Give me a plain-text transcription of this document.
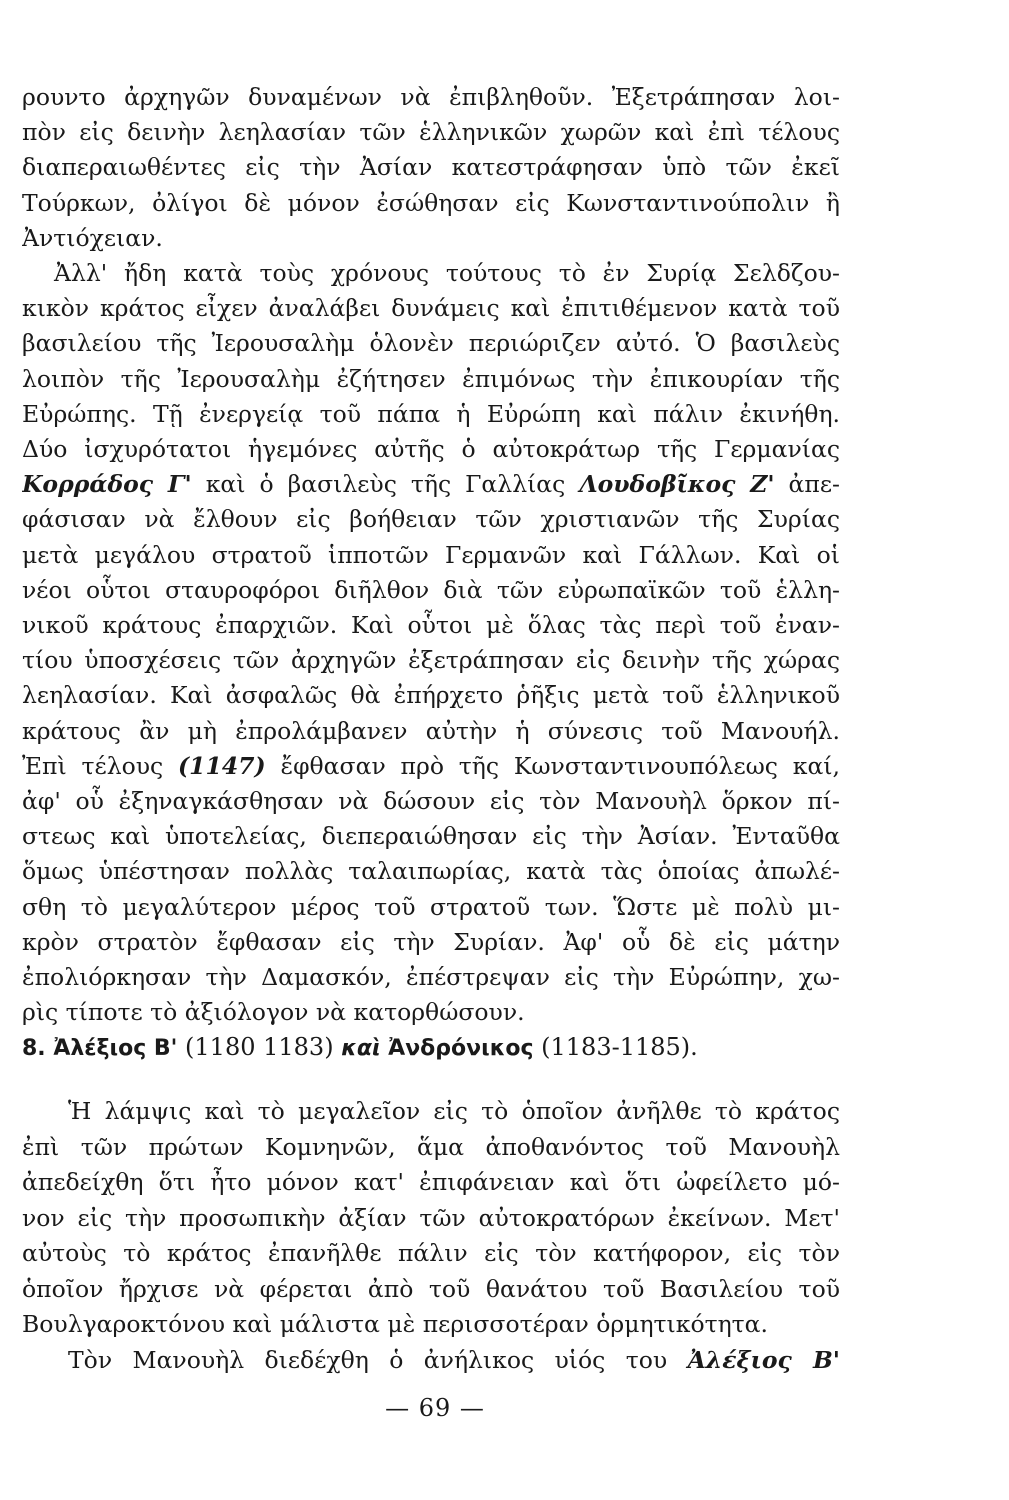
ρουντο ἀρχηγῶν δυναμένων νὰ ἐπιβληθοῦν. Ἐξετράπησαν λοι-
πὸν εἰς δεινὴν λεηλασίαν τῶν ἑλληνικῶν χωρῶν καὶ ἐπὶ τέλους
διαπεραιωθέντες εἰς τὴν Ἀσίαν κατεστράφησαν ὑπὸ τῶν ἐκεῖ
Τούρκων, ὀλίγοι δὲ μόνον ἐσώθησαν εἰς Κωνσταντινούπολιν ἢ
Ἀντιόχειαν.
Ἀλλ' ἤδη κατὰ τοὺς χρόνους τούτους τὸ ἐν Συρίᾳ Σελδζου-
κικὸν κράτος εἶχεν ἀναλάβει δυνάμεις καὶ ἐπιτιθέμενον κατὰ τοῦ
βασιλείου τῆς Ἰερουσαλὴμ ὁλονὲν περιώριζεν αὐτό. Ὁ βασιλεὺς
λοιπὸν τῆς Ἰερουσαλὴμ ἐζήτησεν ἐπιμόνως τὴν ἐπικουρίαν τῆς
Εὐρώπης. Τῇ ἐνεργείᾳ τοῦ πάπα ἡ Εὐρώπη καὶ πάλιν ἐκινήθη.
Δύο ἰσχυρότατοι ἡγεμόνες αὐτῆς ὁ αὐτοκράτωρ τῆς Γερμανίας
Κορράδος Γ' καὶ ὁ βασιλεὺς τῆς Γαλλίας Λουδοβῖκος Ζ' ἀπε-
φάσισαν νὰ ἔλθουν εἰς βοήθειαν τῶν χριστιανῶν τῆς Συρίας
μετὰ μεγάλου στρατοῦ ἱπποτῶν Γερμανῶν καὶ Γάλλων. Καὶ οἱ
νέοι οὗτοι σταυροφόροι διῆλθον διὰ τῶν εὐρωπαϊκῶν τοῦ ἑλλη-
νικοῦ κράτους ἐπαρχιῶν. Καὶ οὗτοι μὲ ὅλας τὰς περὶ τοῦ ἐναν-
τίου ὑποσχέσεις τῶν ἀρχηγῶν ἐξετράπησαν εἰς δεινὴν τῆς χώρας
λεηλασίαν. Καὶ ἀσφαλῶς θὰ ἐπήρχετο ῥῆξις μετὰ τοῦ ἑλληνικοῦ
κράτους ἂν μὴ ἐπρολάμβανεν αὐτὴν ἡ σύνεσις τοῦ Μανουήλ.
Ἐπὶ τέλους (1147) ἔφθασαν πρὸ τῆς Κωνσταντινουπόλεως καί,
ἀφ' οὗ ἐξηναγκάσθησαν νὰ δώσουν εἰς τὸν Μανουὴλ ὅρκον πί-
στεως καὶ ὑποτελείας, διεπεραιώθησαν εἰς τὴν Ἀσίαν. Ἐνταῦθα
ὅμως ὑπέστησαν πολλὰς ταλαιπωρίας, κατὰ τὰς ὁποίας ἀπωλέ-
σθη τὸ μεγαλύτερον μέρος τοῦ στρατοῦ των. Ὥστε μὲ πολὺ μι-
κρὸν στρατὸν ἔφθασαν εἰς τὴν Συρίαν. Ἀφ' οὗ δὲ εἰς μάτην
ἐπολιόρκησαν τὴν Δαμασκόν, ἐπέστρεψαν εἰς τὴν Εὐρώπην, χω-
ρὶς τίποτε τὸ ἀξιόλογον νὰ κατορθώσουν.
8. Ἀλέξιος Β' (1180 1183) καὶ Ἀνδρόνικος (1183-1185).
Ἡ λάμψις καὶ τὸ μεγαλεῖον εἰς τὸ ὁποῖον ἀνῆλθε τὸ κράτος
ἐπὶ τῶν πρώτων Κομνηνῶν, ἅμα ἀποθανόντος τοῦ Μανουὴλ
ἀπεδείχθη ὅτι ἦτο μόνον κατ' ἐπιφάνειαν καὶ ὅτι ὠφείλετο μό-
νον εἰς τὴν προσωπικὴν ἀξίαν τῶν αὐτοκρατόρων ἐκείνων. Μετ'
αὐτοὺς τὸ κράτος ἐπανῆλθε πάλιν εἰς τὸν κατήφορον, εἰς τὸν
ὁποῖον ἤρχισε νὰ φέρεται ἀπὸ τοῦ θανάτου τοῦ Βασιλείου τοῦ
Βουλγαροκτόνου καὶ μάλιστα μὲ περισσοτέραν ὁρμητικότητα.
Τὸν Μανουὴλ διεδέχθη ὁ ἀνήλικος υἱός του Ἀλέξιος Β'
— 69 —
